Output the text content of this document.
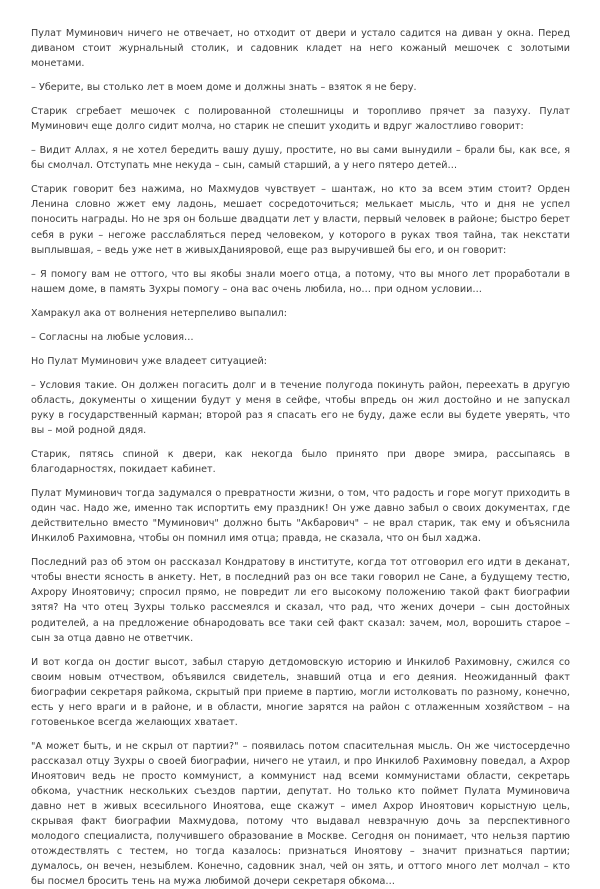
Пулат Муминович ничего не отвечает, но отходит от двери и устало садится на диван у окна. Перед диваном стоит журнальный столик, и садовник кладет на него кожаный мешочек с золотыми монетами.

– Уберите, вы столько лет в моем доме и должны знать – взяток я не беру.

Старик сгребает мешочек с полированной столешницы и торопливо прячет за пазуху. Пулат Муминович еще долго сидит молча, но старик не спешит уходить и вдруг жалостливо говорит:

– Видит Аллах, я не хотел бередить вашу душу, простите, но вы сами вынудили – брали бы, как все, я бы смолчал. Отступать мне некуда – сын, самый старший, а у него пятеро детей…

Старик говорит без нажима, но Махмудов чувствует – шантаж, но кто за всем этим стоит? Орден Ленина словно жжет ему ладонь, мешает сосредоточиться; мелькает мысль, что и дня не успел поносить награды. Но не зря он больше двадцати лет у власти, первый человек в районе; быстро берет себя в руки – негоже расслабляться перед человеком, у которого в руках твоя тайна, так некстати выплывшая, – ведь уже нет в живыхДанияровой, еще раз выручившей бы его, и он говорит:

– Я помогу вам не оттого, что вы якобы знали моего отца, а потому, что вы много лет проработали в нашем доме, в память Зухры помогу – она вас очень любила, но… при одном условии…

Хамракул ака от волнения нетерпеливо выпалил:

– Согласны на любые условия…

Но Пулат Муминович уже владеет ситуацией:

– Условия такие. Он должен погасить долг и в течение полугода покинуть район, переехать в другую область, документы о хищении будут у меня в сейфе, чтобы впредь он жил достойно и не запускал руку в государственный карман; второй раз я спасать его не буду, даже если вы будете уверять, что вы – мой родной дядя.

Старик, пятясь спиной к двери, как некогда было принято при дворе эмира, рассыпаясь в благодарностях, покидает кабинет.

Пулат Муминович тогда задумался о превратности жизни, о том, что радость и горе могут приходить в один час. Надо же, именно так испортить ему праздник! Он уже давно забыл о своих документах, где действительно вместо "Муминович" должно быть "Акбарович" – не врал старик, так ему и объяснила Инкилоб Рахимовна, чтобы он помнил имя отца; правда, не сказала, что он был хаджа.

Последний раз об этом он рассказал Кондратову в институте, когда тот отговорил его идти в деканат, чтобы внести ясность в анкету. Нет, в последний раз он все таки говорил не Сане, а будущему тестю, Ахрору Иноятовичу; спросил прямо, не повредит ли его высокому положению такой факт биографии зятя? На что отец Зухры только рассмеялся и сказал, что рад, что жених дочери – сын достойных родителей, а на предложение обнародовать все таки сей факт сказал: зачем, мол, ворошить старое – сын за отца давно не ответчик.

И вот когда он достиг высот, забыл старую детдомовскую историю и Инкилоб Рахимовну, сжился со своим новым отчеством, объявился свидетель, знавший отца и его деяния. Неожиданный факт биографии секретаря райкома, скрытый при приеме в партию, могли истолковать по разному, конечно, есть у него враги и в районе, и в области, многие зарятся на район с отлаженным хозяйством – на готовенькое всегда желающих хватает.

"А может быть, и не скрыл от партии?" – появилась потом спасительная мысль. Он же чистосердечно рассказал отцу Зухры о своей биографии, ничего не утаил, и про Инкилоб Рахимовну поведал, а Ахрор Иноятович ведь не просто коммунист, а коммунист над всеми коммунистами области, секретарь обкома, участник нескольких съездов партии, депутат. Но только кто поймет Пулата Муминовича давно нет в живых всесильного Иноятова, еще скажут – имел Ахрор Иноятович корыстную цель, скрывая факт биографии Махмудова, потому что выдавал невзрачную дочь за перспективного молодого специалиста, получившего образование в Москве. Сегодня он понимает, что нельзя партию отождествлять с тестем, но тогда казалось: признаться Иноятову – значит признаться партии; думалось, он вечен, незыблем. Конечно, садовник знал, чей он зять, и оттого много лет молчал – кто бы посмел бросить тень на мужа любимой дочери секретаря обкома…
